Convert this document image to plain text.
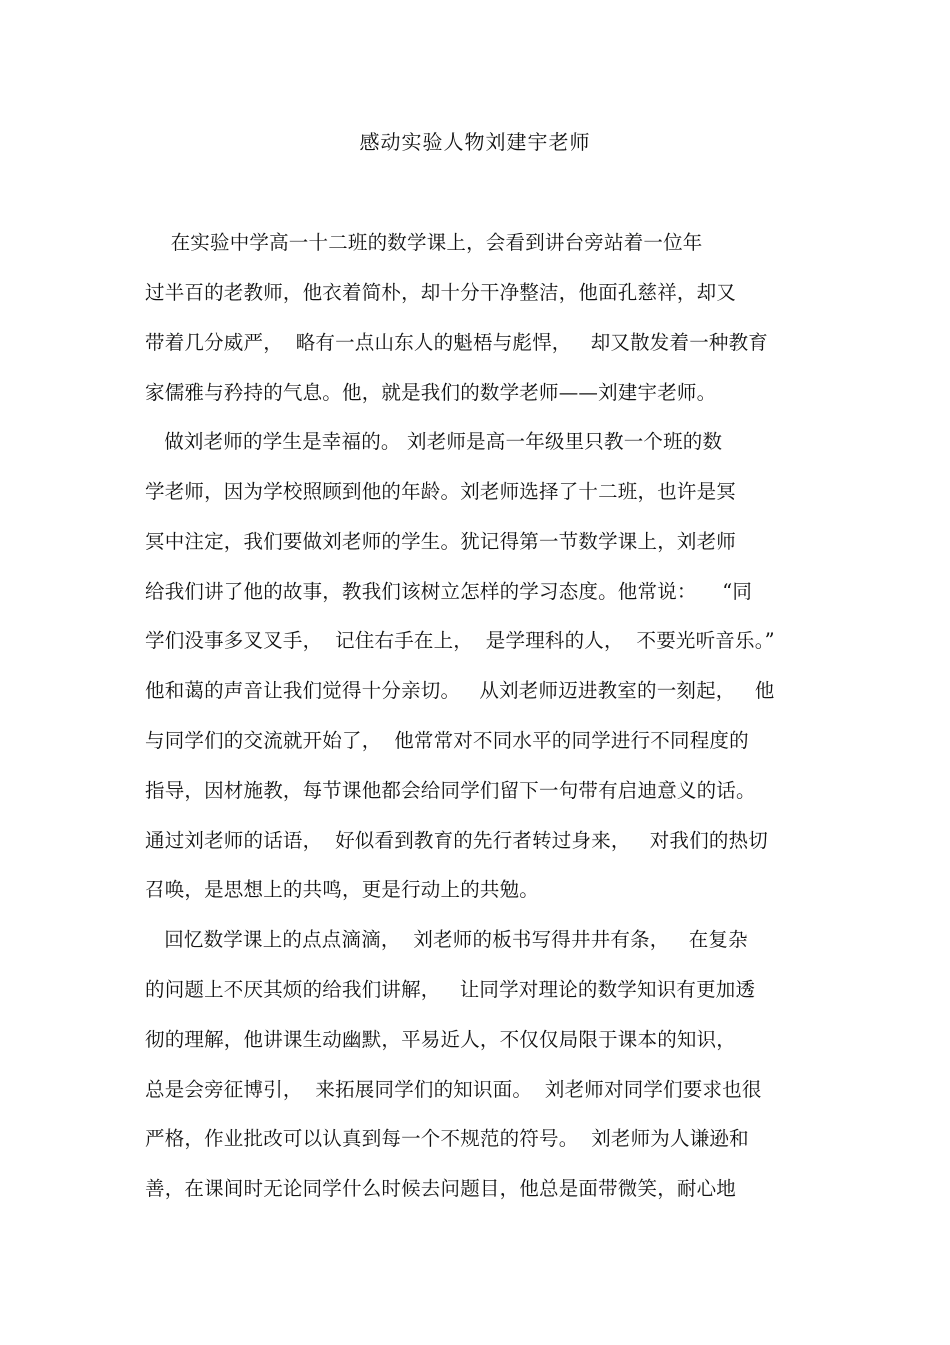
感动实验人物刘建宇老师
在实验中学高一十二班的数学课上，会看到讲台旁站着一位年
过半百的老教师，他衣着简朴，却十分干净整洁，他面孔慈祥，却又
带着几分威严，  略有一点山东人的魁梧与彪悍，   却又散发着一种教育
家儒雅与矜持的气息。他，就是我们的数学老师——刘建宇老师。
做刘老师的学生是幸福的。 刘老师是高一年级里只教一个班的数
学老师，因为学校照顾到他的年龄。刘老师选择了十二班，也许是冥
冥中注定，我们要做刘老师的学生。犹记得第一节数学课上，刘老师
给我们讲了他的故事，教我们该树立怎样的学习态度。他常说：    “同
学们没事多叉叉手，  记住右手在上，  是学理科的人，  不要光听音乐。”
他和蔼的声音让我们觉得十分亲切。   从刘老师迈进教室的一刻起，   他
与同学们的交流就开始了，  他常常对不同水平的同学进行不同程度的
指导，因材施教，每节课他都会给同学们留下一句带有启迪意义的话。
通过刘老师的话语，  好似看到教育的先行者转过身来，   对我们的热切
召唤，是思想上的共鸣，更是行动上的共勉。
回忆数学课上的点点滴滴，  刘老师的板书写得井井有条，   在复杂
的问题上不厌其烦的给我们讲解，   让同学对理论的数学知识有更加透
彻的理解，他讲课生动幽默，平易近人，不仅仅局限于课本的知识，
总是会旁征博引，  来拓展同学们的知识面。  刘老师对同学们要求也很
严格，作业批改可以认真到每一个不规范的符号。  刘老师为人谦逊和
善，在课间时无论同学什么时候去问题目，他总是面带微笑，耐心地
